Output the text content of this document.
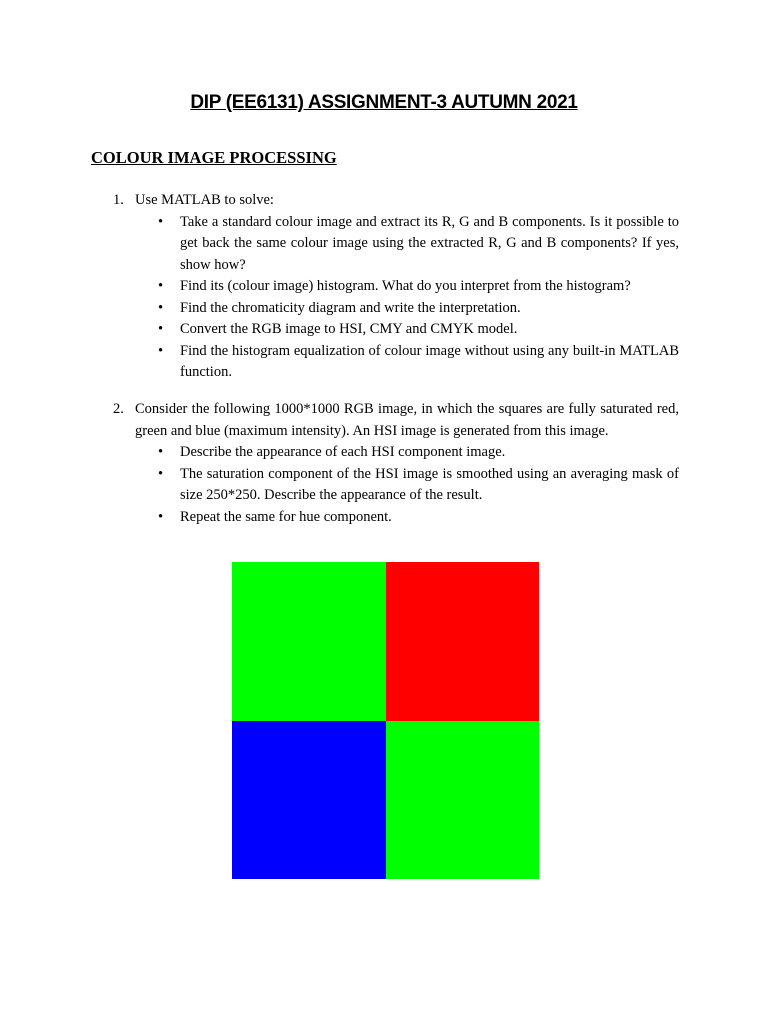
DIP (EE6131) ASSIGNMENT-3 AUTUMN 2021
COLOUR IMAGE PROCESSING
1. Use MATLAB to solve:
• Take a standard colour image and extract its R, G and B components. Is it possible to get back the same colour image using the extracted R, G and B components? If yes, show how?
• Find its (colour image) histogram. What do you interpret from the histogram?
• Find the chromaticity diagram and write the interpretation.
• Convert the RGB image to HSI, CMY and CMYK model.
• Find the histogram equalization of colour image without using any built-in MATLAB function.
2. Consider the following 1000*1000 RGB image, in which the squares are fully saturated red, green and blue (maximum intensity). An HSI image is generated from this image.
• Describe the appearance of each HSI component image.
• The saturation component of the HSI image is smoothed using an averaging mask of size 250*250. Describe the appearance of the result.
• Repeat the same for hue component.
